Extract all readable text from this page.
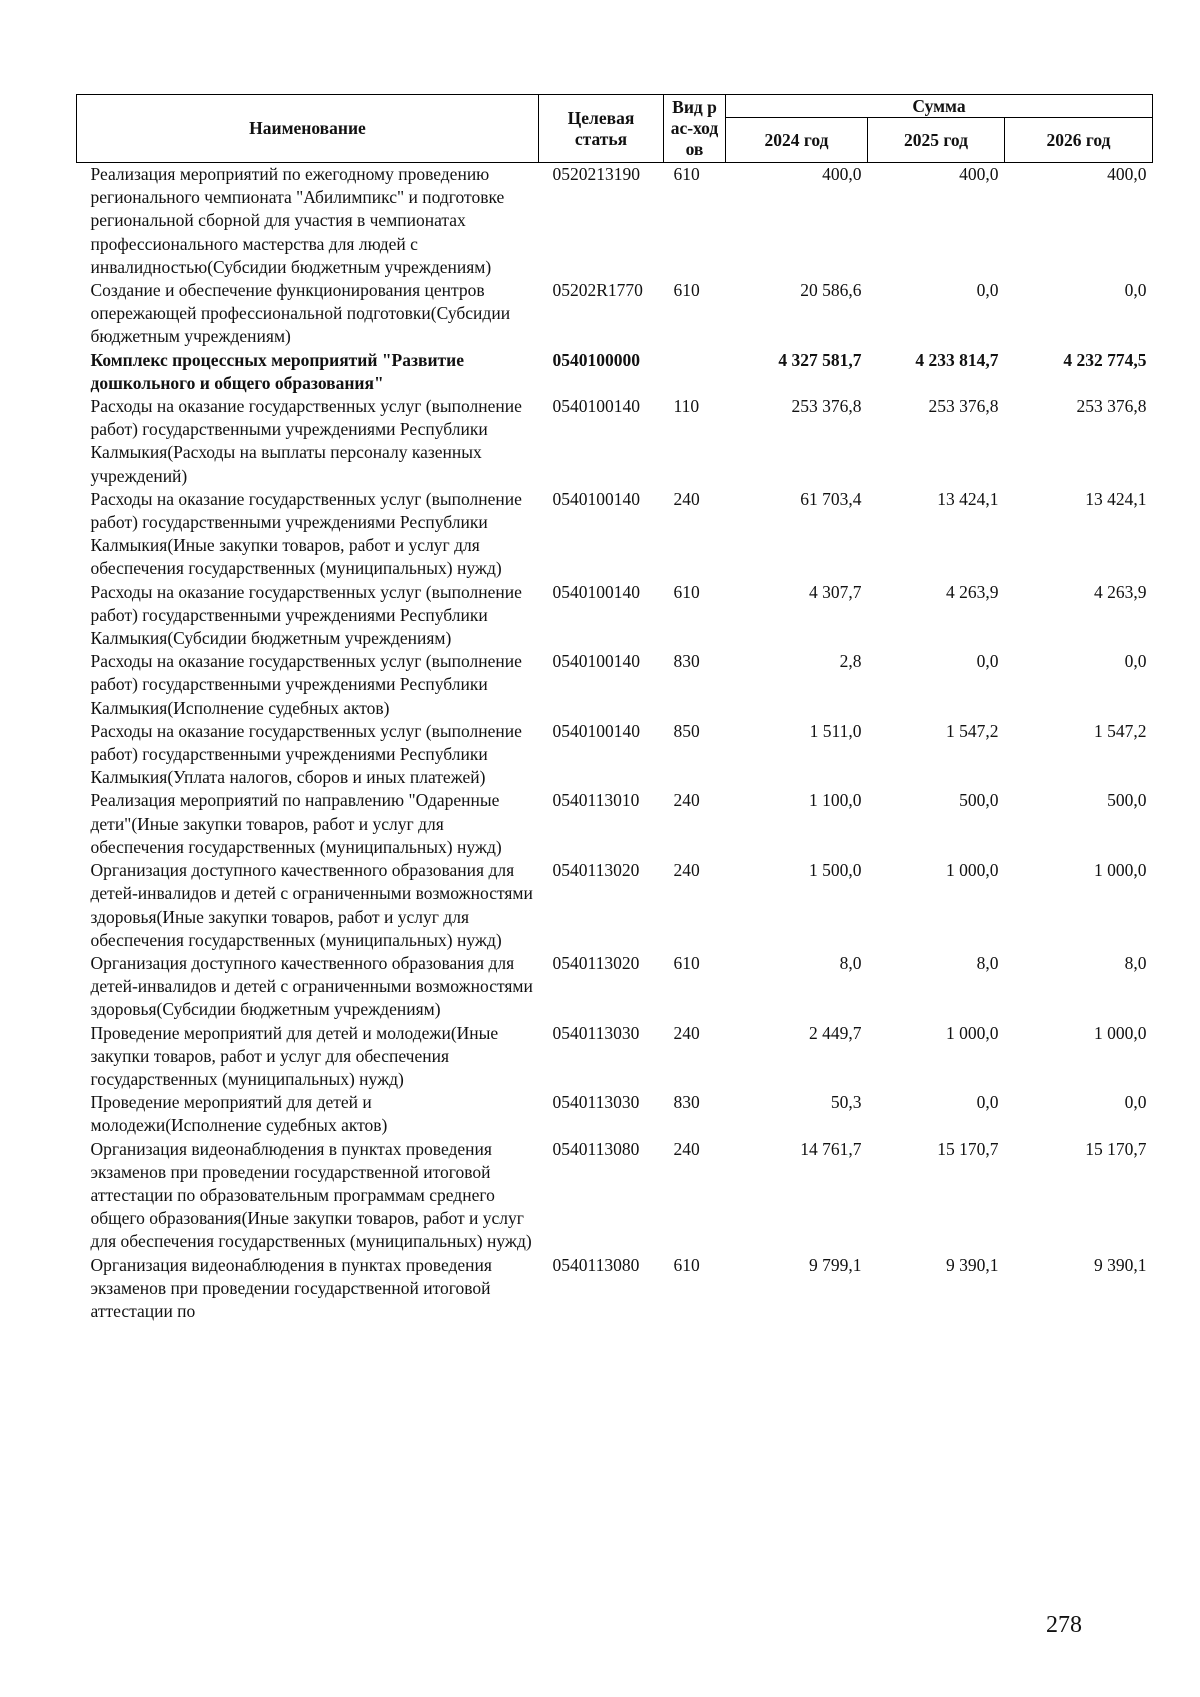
Наименование	Целевая статья	Вид рас-ходов	Сумма		
			2024 год	2025 год	2026 год
Реализация мероприятий по ежегодному проведению регионального чемпионата "Абилимпикс" и подготовке региональной сборной для участия в чемпионатах профессионального мастерства для людей с инвалидностью(Субсидии бюджетным учреждениям)	0520213190	610	400,0	400,0	400,0
Создание и обеспечение функционирования центров опережающей профессиональной подготовки(Субсидии бюджетным учреждениям)	05202R1770	610	20 586,6	0,0	0,0
Комплекс процессных мероприятий "Развитие дошкольного и общего образования"	0540100000		4 327 581,7	4 233 814,7	4 232 774,5
Расходы на оказание государственных услуг (выполнение работ) государственными учреждениями Республики Калмыкия(Расходы на выплаты персоналу казенных учреждений)	0540100140	110	253 376,8	253 376,8	253 376,8
Расходы на оказание государственных услуг (выполнение работ) государственными учреждениями Республики Калмыкия(Иные закупки товаров, работ и услуг для обеспечения государственных (муниципальных) нужд)	0540100140	240	61 703,4	13 424,1	13 424,1
Расходы на оказание государственных услуг (выполнение работ) государственными учреждениями Республики Калмыкия(Субсидии бюджетным учреждениям)	0540100140	610	4 307,7	4 263,9	4 263,9
Расходы на оказание государственных услуг (выполнение работ) государственными учреждениями Республики Калмыкия(Исполнение судебных актов)	0540100140	830	2,8	0,0	0,0
Расходы на оказание государственных услуг (выполнение работ) государственными учреждениями Республики Калмыкия(Уплата налогов, сборов и иных платежей)	0540100140	850	1 511,0	1 547,2	1 547,2
Реализация мероприятий по направлению "Одаренные дети"(Иные закупки товаров, работ и услуг для обеспечения государственных (муниципальных) нужд)	0540113010	240	1 100,0	500,0	500,0
Организация доступного качественного образования для детей-инвалидов и детей с ограниченными возможностями здоровья(Иные закупки товаров, работ и услуг для обеспечения государственных (муниципальных) нужд)	0540113020	240	1 500,0	1 000,0	1 000,0
Организация доступного качественного образования для детей-инвалидов и детей с ограниченными возможностями здоровья(Субсидии бюджетным учреждениям)	0540113020	610	8,0	8,0	8,0
Проведение мероприятий для детей и молодежи(Иные закупки товаров, работ и услуг для обеспечения государственных (муниципальных) нужд)	0540113030	240	2 449,7	1 000,0	1 000,0
Проведение мероприятий для детей и молодежи(Исполнение судебных актов)	0540113030	830	50,3	0,0	0,0
Организация видеонаблюдения в пунктах проведения экзаменов при проведении государственной итоговой аттестации по образовательным программам среднего общего образования(Иные закупки товаров, работ и услуг для обеспечения государственных (муниципальных) нужд)	0540113080	240	14 761,7	15 170,7	15 170,7
Организация видеонаблюдения в пунктах проведения экзаменов при проведении государственной итоговой аттестации по	0540113080	610	9 799,1	9 390,1	9 390,1
278
